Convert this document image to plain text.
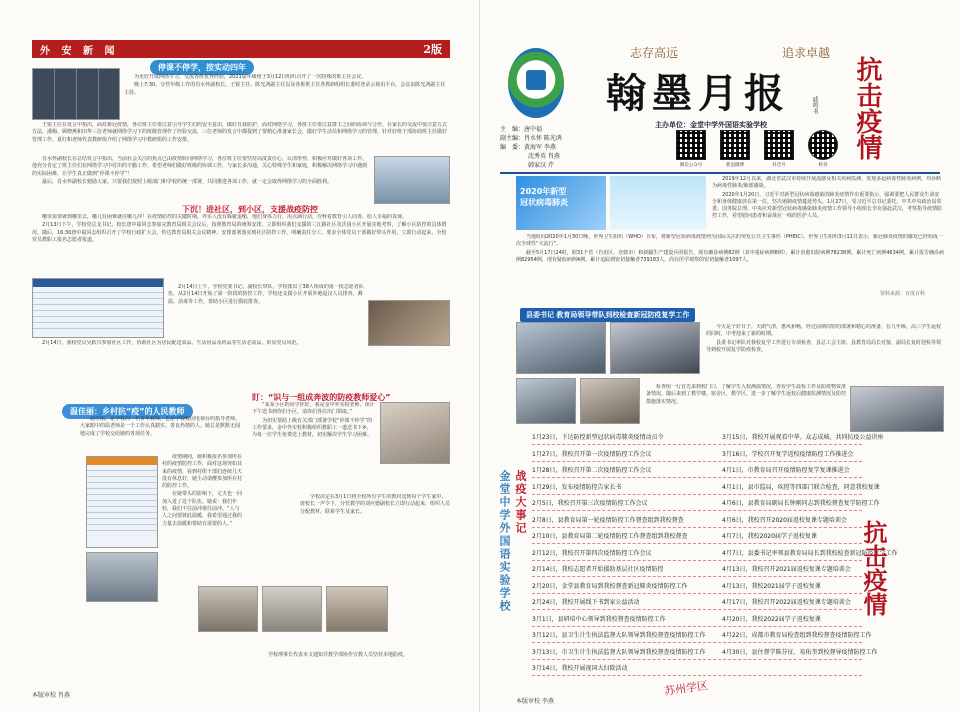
外 安 新 闻	2版
停课不停学，按实动四年

为更好开展网络学习，交流各班优秀经验，2021届年级组于3月12日组织召开了一次特殊的班主任会议。

晚上7:30，分管年级工作的肖水怀副校长、王锐主任、陈光鸿副主任以及各班班主任各教研组组长准时登录云视讯平台，会议由陈光鸿副主任主持。

王锐主任在发言中指出，面对新冠疫情，各位班主任要注意引导学生们的安全意识，做好自我防护，面对网络学习，各班主任要注意群主之间的协调与合作，在家长的交流中要注意方式方法。潘梅、顾晓燕和田华三位老师就网络学习下的班级管理作了经验交流，三位老师的发言中都提到了要精心准备家长会，做好学生动员和网络学习的管理，针对好班干部协助班主任做好管理工作。夏红和老师代表教研组介绍了网络学习中教研组的工作安排。

肖水怀副校长在总结发言中指出，当前社会关注的焦点已由疫情转向网络学习，各位班主任要坚持高度责任心，认清形势，积极应对做好各项工作。他充分肯定了班主任们在网络学习中付出的辛勤工作，希望老师们做好班级的协调工作，与家长多沟通，关心特殊学生和家庭，积极解决网络学习中遇到的实际困难，让学生真正做到“停课不停学”！

最后，肖水怀副校长勉励大家，只要我们按照上级部门和学校的统一部署，共同推进各项工作，就一定会取得网络学习的全面胜利。

下沉！进社区，到小区，支援战疫防控

哪里需要就到哪里去，哪儿有困难就往哪儿冲！在疫情防控的关键时期，外实人没有躲避退缩，他们身体力行，用点滴行动，诠释着教育引人向善、给人幸福的真谛。

2月13日下午，学校党总支书记、校长唐中福同志参加完教育局相关会议后，按照教育局的统筹安排，立即组织我们支援的三江路社区及沃园小区开展实地考察，了解小区防控的具体情况。随后，16:30唐中福同志组织召开了学校行政扩大会，传达教育局相关会议精神，安排部署落实到社区防控工作，明确责任分工，要求全体党员干部做好带头作用，立即行动起来，全校党员教职工报名志愿者报道。

2月14日上午，学校党委书记、副校长带队，学校派出了38人组成的第一批志愿者队伍，从2月14日开始了第一阶段的防控工作。学校还支援小区开展外地返汉人员排查、测温、消毒等工作，帮助小区进行摸底排查。

2月14日，我校党员吴跃兴参加社区工作，协助社区为居民配送菜品、生活用品及药品等生活必需品，彰显党员风范。

温佳丽：乡村抗“疫”的人民教师
盯：“识与一组成奔波的防疫教师爱心”

温佳丽，是学校的一名青年教师，也是学校校园电视台的指导老师。大家眼中的温老师是一个工作认真踏实、善良热情的人。她总是默默无闻地完成了学校交给她的各项任务。

疫情期间，她积极报名参加所在村的疫情防控工作，面对这场突如其来的疫情，看到村组干部们连续几天没有休息好，她主动请缨参加所在村的防控工作。

在她带头的影响下，丈夫也一同加入进了这个队伍。她说：我们年轻，我们不往前冲谁往前冲。“人与人之间要彼此温暖，我希望通过我的力量去温暖和帮助有需要的人。”

“某某小区的同学你好，我是金中外实校老师，预计下午送书到你们小区，请你们各位出门领取。”

为切实帮助上级有关部门部署学校“停课不停学”的工作要求，金中外实校积极组织教职工一道送书下乡，为每一位学生免费送上教材，切实解决学生学习困难。

学校决定在3月1日将全校所有学生的教材送到每个学生家中。唐校长一声令下，分管教学的刘应德副校长立即行动起来，组织人员分配教材，联系学生及家长。

学校理事长代表本文通知并教学部协作宣教人员坚持本地防疫。
本版审校 肖燕
志存高远	追求卓越
翰墨月报	戚鸣书 抗击疫情
主　编：唐中福
副主编：肖水怀 陈光鸿
编　委：黄海军 李燕
沈秀英 肖燕
韩家汉 芹
主办单位：金堂中学外国语实验学校
微信公众号	新浪微博	抖音号	校刊
2020年新型冠状病毒肺炎

2019年12月以来，湖北省武汉市持续开展流感及相关疾病监测，发现多起病毒性肺炎病例，均诊断为病毒性肺炎/肺部感染。

2020年1月20日，习近平对新型冠状病毒感染的肺炎疫情作出重要指示，强调要把人民群众生命安全和身体健康放在第一位，坚决遏制疫情蔓延势头。1月27日，受习近平总书记委托，中共中央政治局常委、国务院总理、中央应对新型冠状病毒感染肺炎疫情工作领导小组组长李克强赴武汉，考察指导疫情防控工作，看望慰问患者和奋战在一线的医护人员。

当地时间2020年1月30日晚，世界卫生组织（WHO）宣布，将新型冠状病毒疫情列为国际关注的突发公共卫生事件（PHEIC）。世界卫生组织3月11日表示，新冠肺炎疫情的爆发已经构成一次全球性“大流行”。

截至5月17日24时，据31个省（自治区、直辖市）和新疆生产建设兵团报告，现有确诊病例82例（其中重症病例8例），累计治愈出院病例78238例，累计死亡病例4634例，累计报告确诊病例82954例，现有疑似病例4例。累计追踪到密切接触者739183人，尚在医学观察的密切接触者1097人。

资料来源：百度百科
县委书记 教育局领导带队到校检查新冠防疫复学工作

今天是个好日子，天朗气清，惠风和畅，经过前期周密的部署和精心的准备，在九年级、高三学生返校的同时，中考迎来了新的时期。

县委书记率队对我校复学工作进行专项检查，县总工会主席、县教育局局长对接，副局长复时迎检等领导到校开展复学防疫检查。

检查组一行首先来到校门口，了解学生入校测温情况，查看学生晨检工作及防疫物资准备情况。随后来到了教学楼、宿舍区、教学区，进一步了解学生返校后健康监测情况及防控措施落实情况。

金堂中学外国语实验学校 战疫大事记
1月23日，下达防控新型冠状病毒肺炎疫情动员令	3月15日，我校开展观看中华、众志成城、共同抗疫公益讲座
1月27日，我校召开第一次疫情防控工作会议	3月16日，学校召开复学返校疫情防控工作推进会
1月28日，我校召开第二次疫情防控工作会议	4月1日，市教育局召开疫情防控复学复课推进会
1月29日，发布疫情防控告家长书	4月1日，县市监局，疾控等四部门联合检查，同意我校复课
2月5日，我校召开第三次疫情防控工作会议	4月6日，县教育局副局长钟刚同志到我校督查复学防控工作
2月8日，县教育局第一轮疫情防控工作督查组到我校督查	4月6日，我校召开2020届返校复课专题培训会
2月10日，县教育局第二轮疫情防控工作督查组到我校督查	4月7日，我校2020届学子返校复课
2月12日，我校召开第四次疫情防控工作会议	4月7日，县委书记率领县教育局局长到我校检查新冠防疫复学工作
2月14日，我校志愿者开始援助基层社区疫情防控	4月13日，我校召开2021届返校复课专题培训会
2月20日，金堂县教育局到我校督查新冠肺炎疫情防控工作	4月13日，我校2021届学子返校复课
2月24日，我校开展线下书到家公益活动	4月17日，我校召开2022届返校复课专题培训会
3月1日，县研培中心领导到我校督查疫情防控工作	4月20日，我校2022届学子返校复课
3月12日，县卫生计生执法监督大队领导到我校督查疫情防控工作	4月22日，成都市教育局检查组到我校督查疫情防控工作
3月13日，市卫生计生执法监督大队领导到我校督查疫情防控工作	4月30日，县住督学陈芬征、易佑奎到校督导疫情防控工作
3月14日，我校开展视国大扫除活动
抗击疫情
苏州学区
本版审校 李燕
